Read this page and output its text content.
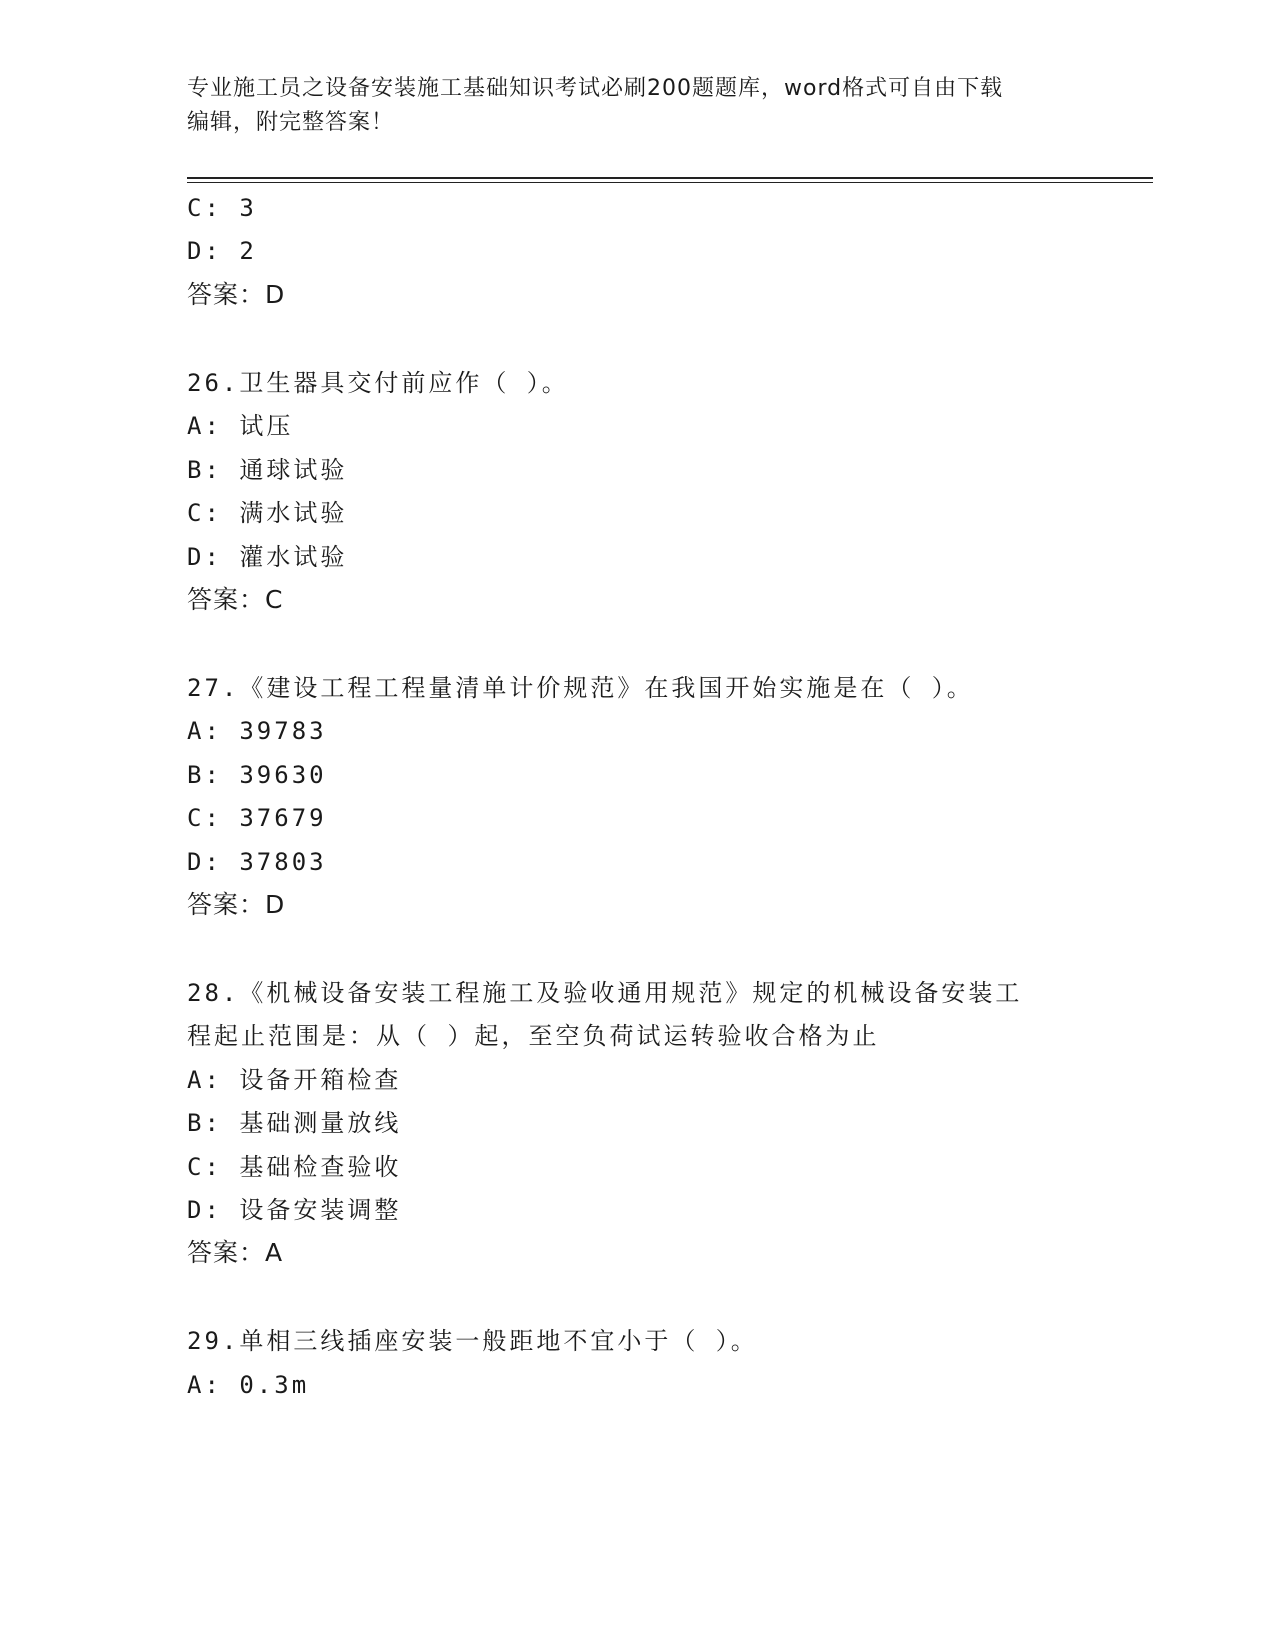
专业施工员之设备安装施工基础知识考试必刷200题题库，word格式可自由下载
编辑，附完整答案！
C: 3
D: 2
答案：D
26.卫生器具交付前应作（ ）。
A: 试压
B: 通球试验
C: 满水试验
D: 灌水试验
答案：C
27.《建设工程工程量清单计价规范》在我国开始实施是在（ ）。
A: 39783
B: 39630
C: 37679
D: 37803
答案：D
28.《机械设备安装工程施工及验收通用规范》规定的机械设备安装工
程起止范围是：从（ ）起，至空负荷试运转验收合格为止
A: 设备开箱检查
B: 基础测量放线
C: 基础检查验收
D: 设备安装调整
答案：A
29.单相三线插座安装一般距地不宜小于（ ）。
A: 0.3m
